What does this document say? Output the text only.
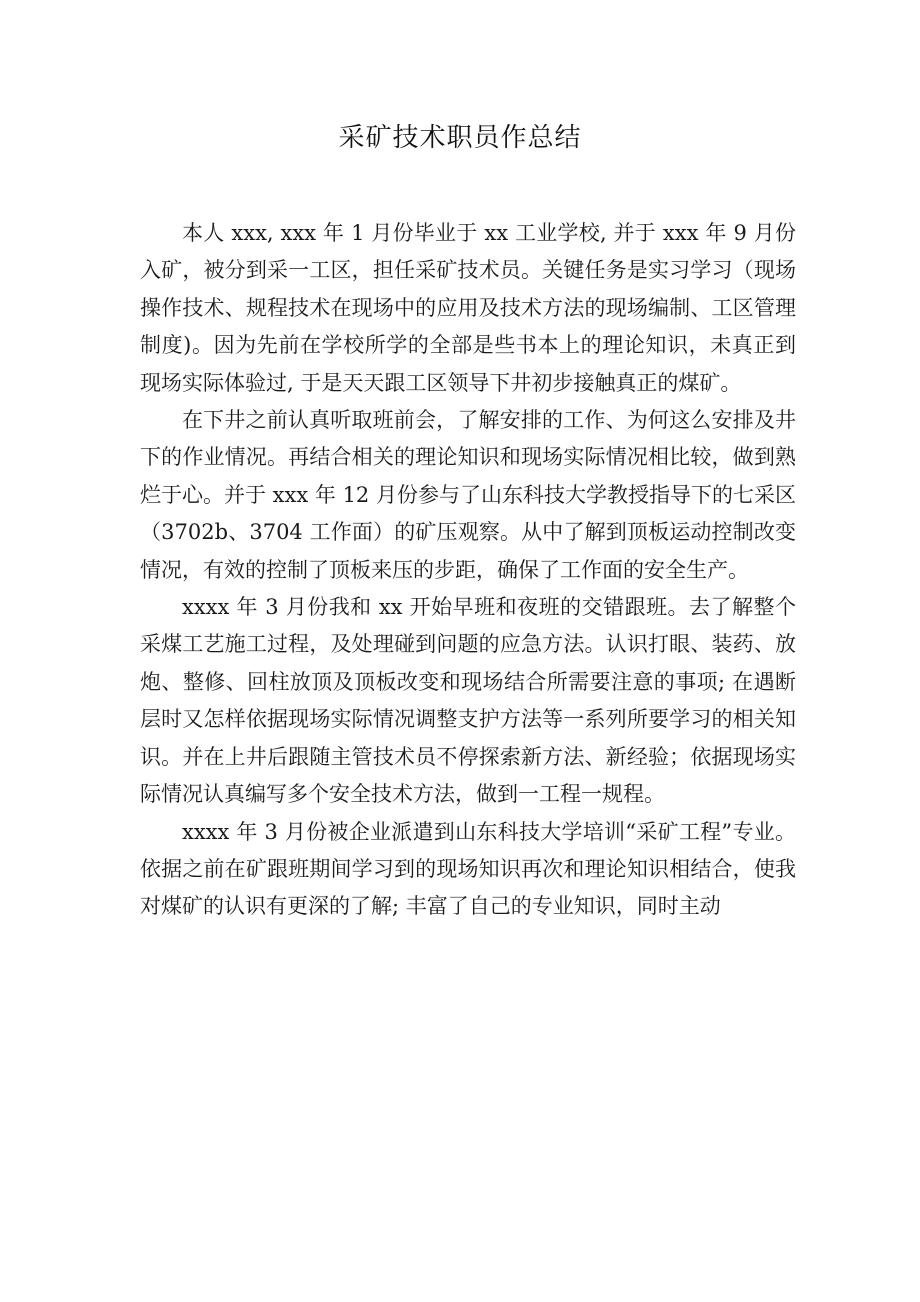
采矿技术职员作总结

本人 xxx, xxx 年 1 月份毕业于 xx 工业学校, 并于 xxx 年 9 月份入矿，被分到采一工区，担任采矿技术员。关键任务是实习学习（现场操作技术、规程技术在现场中的应用及技术方法的现场编制、工区管理制度)。因为先前在学校所学的全部是些书本上的理论知识，未真正到现场实际体验过, 于是天天跟工区领导下井初步接触真正的煤矿。

在下井之前认真听取班前会，了解安排的工作、为何这么安排及井下的作业情况。再结合相关的理论知识和现场实际情况相比较，做到熟烂于心。并于 xxx 年 12 月份参与了山东科技大学教授指导下的七采区（3702b、3704 工作面）的矿压观察。从中了解到顶板运动控制改变情况，有效的控制了顶板来压的步距，确保了工作面的安全生产。

xxxx 年 3 月份我和 xx 开始早班和夜班的交错跟班。去了解整个采煤工艺施工过程，及处理碰到问题的应急方法。认识打眼、装药、放炮、整修、回柱放顶及顶板改变和现场结合所需要注意的事项; 在遇断层时又怎样依据现场实际情况调整支护方法等一系列所要学习的相关知识。并在上井后跟随主管技术员不停探索新方法、新经验；依据现场实际情况认真编写多个安全技术方法，做到一工程一规程。

xxxx 年 3 月份被企业派遣到山东科技大学培训“采矿工程”专业。依据之前在矿跟班期间学习到的现场知识再次和理论知识相结合，使我对煤矿的认识有更深的了解; 丰富了自己的专业知识，同时主动
